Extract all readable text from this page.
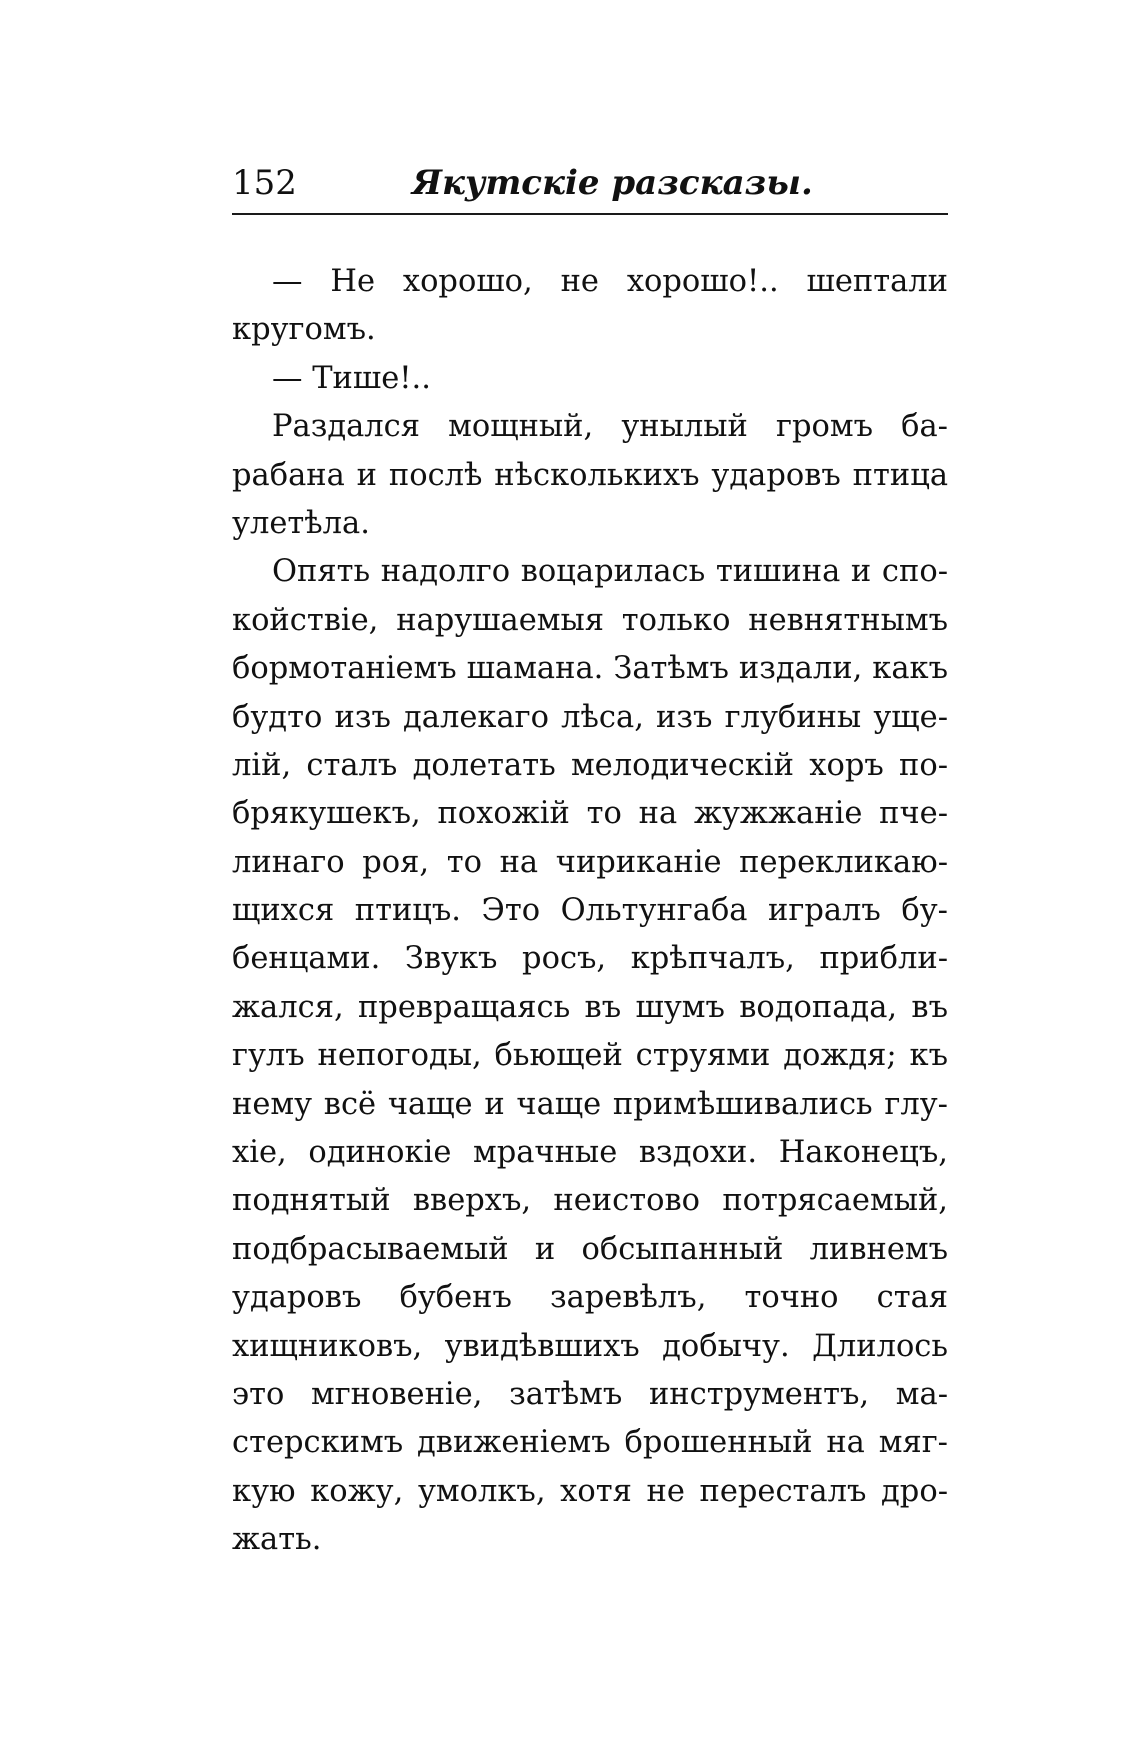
152	Якутскіе разсказы.
— Не хорошо, не хорошо!.. шептали
кругомъ.
— Тише!..
Раздался мощный, унылый громъ ба-
рабана и послѣ нѣсколькихъ ударовъ птица
улетѣла.
Опять надолго воцарилась тишина и спо-
койствіе, нарушаемыя только невнятнымъ
бормотаніемъ шамана. Затѣмъ издали, какъ
будто изъ далекаго лѣса, изъ глубины уще-
лій, сталъ долетать мелодическій хоръ по-
брякушекъ, похожій то на жужжаніе пче-
линаго роя, то на чириканіе перекликаю-
щихся птицъ. Это Ольтунгаба игралъ бу-
бенцами. Звукъ росъ, крѣпчалъ, прибли-
жался, превращаясь въ шумъ водопада, въ
гулъ непогоды, бьющей струями дождя; къ
нему всё чаще и чаще примѣшивались глу-
хіе, одинокіе мрачные вздохи. Наконецъ,
поднятый вверхъ, неистово потрясаемый,
подбрасываемый и обсыпанный ливнемъ
ударовъ бубенъ заревѣлъ, точно стая
хищниковъ, увидѣвшихъ добычу. Длилось
это мгновеніе, затѣмъ инструментъ, ма-
стерскимъ движеніемъ брошенный на мяг-
кую кожу, умолкъ, хотя не пересталъ дро-
жать.
